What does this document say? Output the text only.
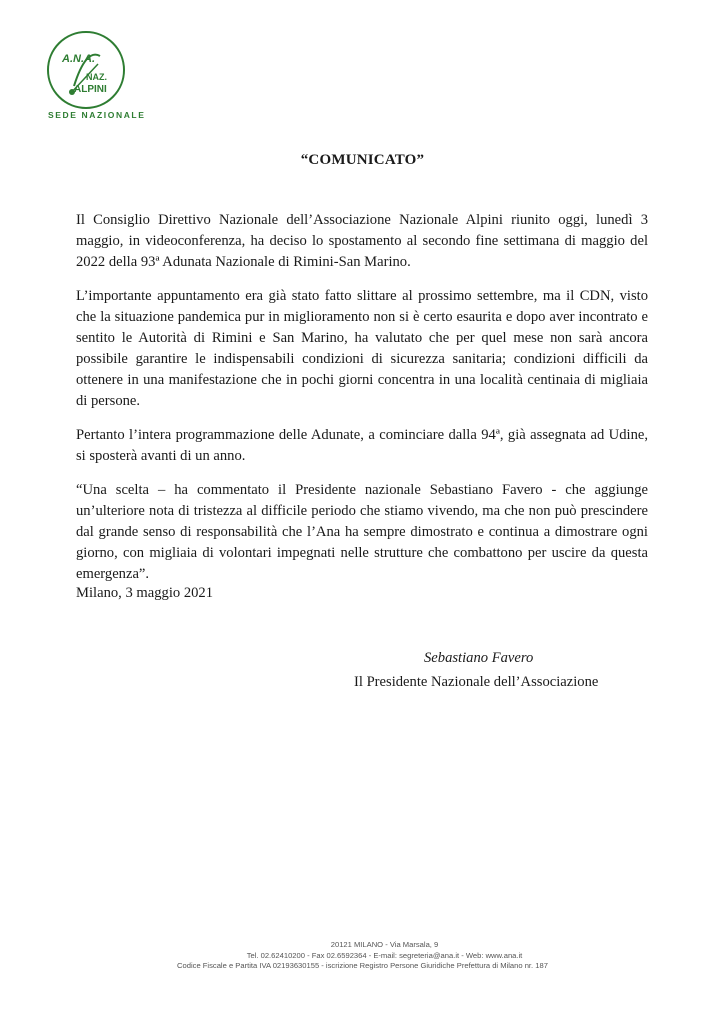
A.N.A.
NAZ.
ALPINI
SEDE NAZIONALE
“COMUNICATO”

Il Consiglio Direttivo Nazionale dell’Associazione Nazionale Alpini riunito oggi, lunedì 3 maggio, in videoconferenza, ha deciso lo spostamento al secondo fine settimana di maggio del 2022 della 93ª Adunata Nazionale di Rimini-San Marino.

L’importante appuntamento era già stato fatto slittare al prossimo settembre, ma il CDN, visto che la situazione pandemica pur in miglioramento non si è certo esaurita e dopo aver incontrato e sentito le Autorità di Rimini e San Marino, ha valutato che per quel mese non sarà ancora possibile garantire le indispensabili condizioni di sicurezza sanitaria; condizioni difficili da ottenere in una manifestazione che in pochi giorni concentra in una località centinaia di migliaia di persone.

Pertanto l’intera programmazione delle Adunate, a cominciare dalla 94ª, già assegnata ad Udine, si sposterà avanti di un anno.

“Una scelta – ha commentato il Presidente nazionale Sebastiano Favero - che aggiunge un’ulteriore nota di tristezza al difficile periodo che stiamo vivendo, ma che non può prescindere dal grande senso di responsabilità che l’Ana ha sempre dimostrato e continua a dimostrare ogni giorno, con migliaia di volontari impegnati nelle strutture che combattono per uscire da questa emergenza”.

Milano, 3 maggio 2021
Sebastiano Favero
Il Presidente Nazionale dell’Associazione
20121 MILANO - Via Marsala, 9
Tel. 02.62410200 - Fax 02.6592364 - E-mail: segreteria@ana.it - Web: www.ana.it
Codice Fiscale e Partita IVA 02193630155 - iscrizione Registro Persone Giuridiche Prefettura di Milano nr. 187
